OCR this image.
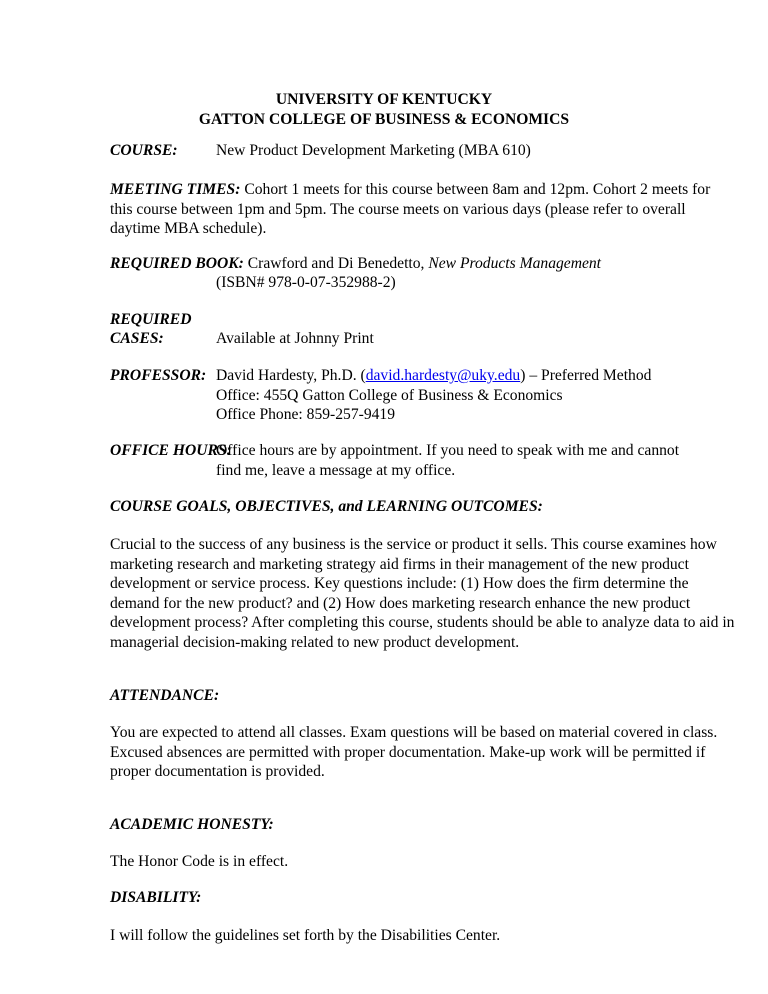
UNIVERSITY OF KENTUCKY
GATTON COLLEGE OF BUSINESS & ECONOMICS
COURSE: New Product Development Marketing (MBA 610)
MEETING TIMES: Cohort 1 meets for this course between 8am and 12pm. Cohort 2 meets for
this course between 1pm and 5pm. The course meets on various days (please refer to overall
daytime MBA schedule).
REQUIRED BOOK: Crawford and Di Benedetto, New Products Management
(ISBN# 978-0-07-352988-2)
REQUIRED
CASES:	Available at Johnny Print
PROFESSOR: David Hardesty, Ph.D. (david.hardesty@uky.edu) – Preferred Method
Office: 455Q Gatton College of Business & Economics
Office Phone: 859-257-9419
OFFICE HOURS:
Office hours are by appointment. If you need to speak with me and cannot
find me, leave a message at my office.
COURSE GOALS, OBJECTIVES, and LEARNING OUTCOMES:
Crucial to the success of any business is the service or product it sells. This course examines how
marketing research and marketing strategy aid firms in their management of the new product
development or service process. Key questions include: (1) How does the firm determine the
demand for the new product? and (2) How does marketing research enhance the new product
development process? After completing this course, students should be able to analyze data to aid in
managerial decision-making related to new product development.
ATTENDANCE:
You are expected to attend all classes. Exam questions will be based on material covered in class.
Excused absences are permitted with proper documentation. Make-up work will be permitted if
proper documentation is provided.
ACADEMIC HONESTY:
The Honor Code is in effect.
DISABILITY:
I will follow the guidelines set forth by the Disabilities Center.
